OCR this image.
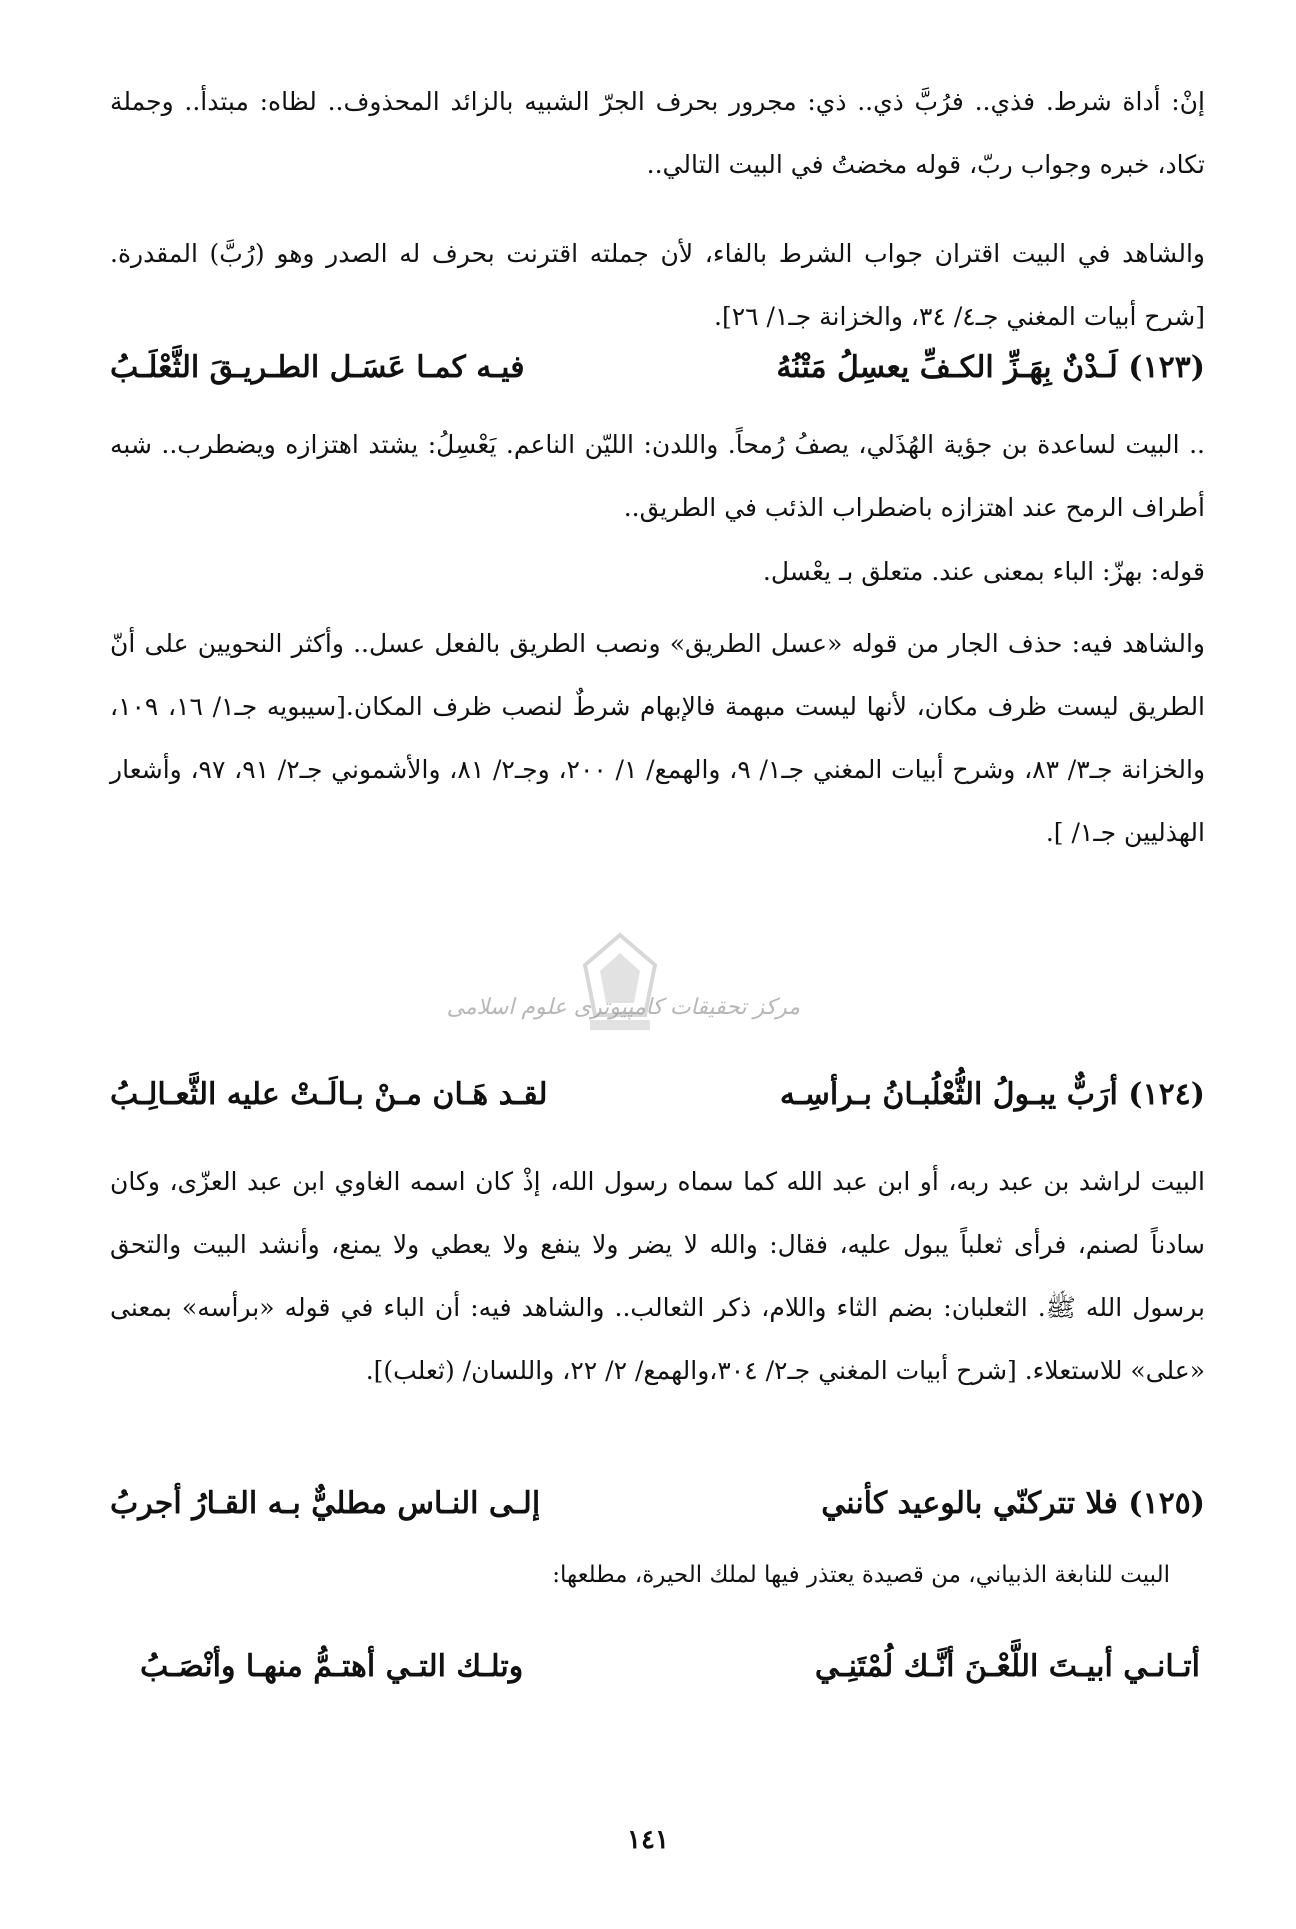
إنْ: أداة شرط. فذي.. فرُبَّ ذي.. ذي: مجرور بحرف الجرّ الشبيه بالزائد المحذوف.. لظاه: مبتدأ.. وجملة تكاد، خبره وجواب ربّ، قوله مخضتُ في البيت التالي..
والشاهد في البيت اقتران جواب الشرط بالفاء، لأن جملته اقترنت بحرف له الصدر وهو (رُبَّ) المقدرة. [شرح أبيات المغني جـ٤/ ٣٤، والخزانة جـ١/ ٢٦].
(١٢٣) لَـدْنٌ بِهَـزِّ الكـفِّ يعسِلُ مَتْنُهُ
فيـه كمـا عَسَـل الطـريـقَ الثَّعْلَـبُ
.. البيت لساعدة بن جؤية الهُذَلي، يصفُ رُمحاً. واللدن: الليّن الناعم. يَعْسِلُ: يشتد اهتزازه ويضطرب.. شبه أطراف الرمح عند اهتزازه باضطراب الذئب في الطريق..
قوله: بهزّ: الباء بمعنى عند. متعلق بـ يعْسل.
والشاهد فيه: حذف الجار من قوله «عسل الطريق» ونصب الطريق بالفعل عسل.. وأكثر النحويين على أنّ الطريق ليست ظرف مكان، لأنها ليست مبهمة فالإبهام شرطٌ لنصب ظرف المكان.[سيبويه جـ١/ ١٦، ١٠٩، والخزانة جـ٣/ ٨٣، وشرح أبيات المغني جـ١/ ٩، والهمع/ ١/ ٢٠٠، وجـ٢/ ٨١، والأشموني جـ٢/ ٩١، ٩٧، وأشعار الهذليين جـ١/ ].
مرکز تحقیقات کامپیوتری علوم اسلامی
(١٢٤) أرَبٌّ يبـولُ الثُّعْلُبـانُ بـرأسِـه
لقـد هَـان مـنْ بـالَـتْ عليه الثَّعـالِـبُ
البيت لراشد بن عبد ربه، أو ابن عبد الله كما سماه رسول الله، إذْ كان اسمه الغاوي ابن عبد العزّى، وكان سادناً لصنم، فرأى ثعلباً يبول عليه، فقال: والله لا يضر ولا ينفع ولا يعطي ولا يمنع، وأنشد البيت والتحق برسول الله ﷺ. الثعلبان: بضم الثاء واللام، ذكر الثعالب.. والشاهد فيه: أن الباء في قوله «برأسه» بمعنى «على» للاستعلاء. [شرح أبيات المغني جـ٢/ ٣٠٤،والهمع/ ٢/ ٢٢، واللسان/ (ثعلب)].
(١٢٥) فلا تتركنّي بالوعيد كأنني
إلـى النـاس مطليٌّ بـه القـارُ أجربُ
البيت للنابغة الذبياني، من قصيدة يعتذر فيها لملك الحيرة، مطلعها:
أتـانـي أبيـتَ اللَّعْـنَ أنَّـك لُمْتَنِـي
وتلـك التـي أهتـمُّ منهـا وأنْصَـبُ
١٤١
